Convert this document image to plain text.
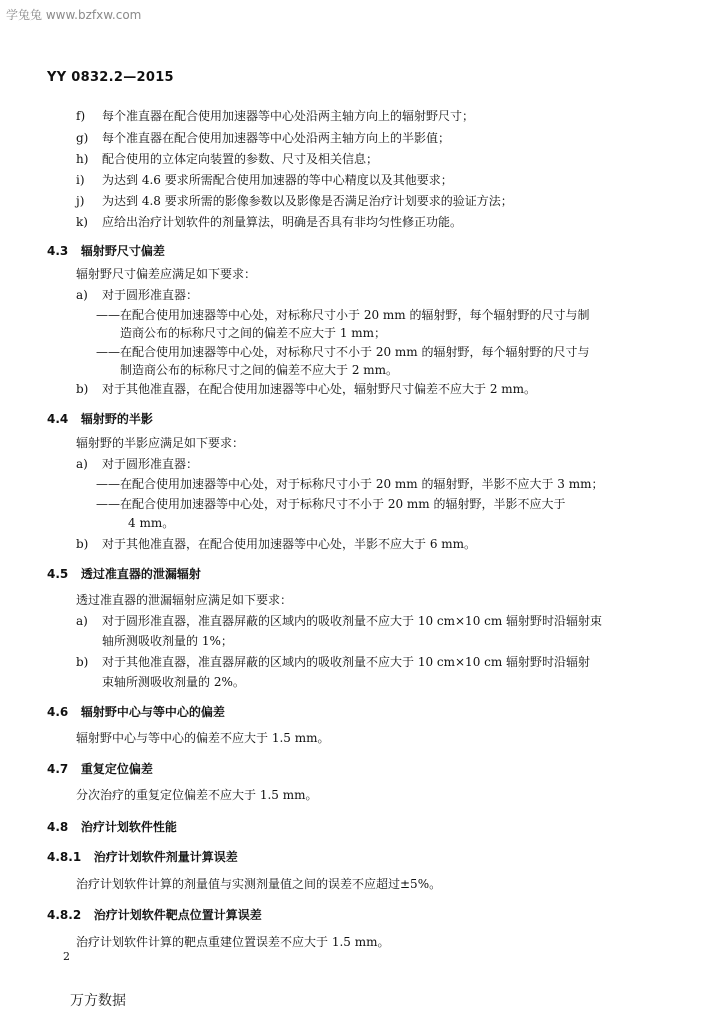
学兔兔 www.bzfxw.com
YY 0832.2—2015
f) 每个准直器在配合使用加速器等中心处沿两主轴方向上的辐射野尺寸；
g) 每个准直器在配合使用加速器等中心处沿两主轴方向上的半影值；
h) 配合使用的立体定向装置的参数、尺寸及相关信息；
i) 为达到 4.6 要求所需配合使用加速器的等中心精度以及其他要求；
j) 为达到 4.8 要求所需的影像参数以及影像是否满足治疗计划要求的验证方法；
k) 应给出治疗计划软件的剂量算法，明确是否具有非均匀性修正功能。
4.3 辐射野尺寸偏差
辐射野尺寸偏差应满足如下要求：
a) 对于圆形准直器：
——在配合使用加速器等中心处，对标称尺寸小于 20 mm 的辐射野，每个辐射野的尺寸与制
造商公布的标称尺寸之间的偏差不应大于 1 mm；
——在配合使用加速器等中心处，对标称尺寸不小于 20 mm 的辐射野，每个辐射野的尺寸与
制造商公布的标称尺寸之间的偏差不应大于 2 mm。
b) 对于其他准直器，在配合使用加速器等中心处，辐射野尺寸偏差不应大于 2 mm。
4.4 辐射野的半影
辐射野的半影应满足如下要求：
a) 对于圆形准直器：
——在配合使用加速器等中心处，对于标称尺寸小于 20 mm 的辐射野，半影不应大于 3 mm；
——在配合使用加速器等中心处，对于标称尺寸不小于 20 mm 的辐射野，半影不应大于
4 mm。
b) 对于其他准直器，在配合使用加速器等中心处，半影不应大于 6 mm。
4.5 透过准直器的泄漏辐射
透过准直器的泄漏辐射应满足如下要求：
a) 对于圆形准直器，准直器屏蔽的区域内的吸收剂量不应大于 10 cm×10 cm 辐射野时沿辐射束
轴所测吸收剂量的 1%；
b) 对于其他准直器，准直器屏蔽的区域内的吸收剂量不应大于 10 cm×10 cm 辐射野时沿辐射
束轴所测吸收剂量的 2%。
4.6 辐射野中心与等中心的偏差
辐射野中心与等中心的偏差不应大于 1.5 mm。
4.7 重复定位偏差
分次治疗的重复定位偏差不应大于 1.5 mm。
4.8 治疗计划软件性能
4.8.1 治疗计划软件剂量计算误差
治疗计划软件计算的剂量值与实测剂量值之间的误差不应超过±5%。
4.8.2 治疗计划软件靶点位置计算误差
治疗计划软件计算的靶点重建位置误差不应大于 1.5 mm。
2
万方数据
